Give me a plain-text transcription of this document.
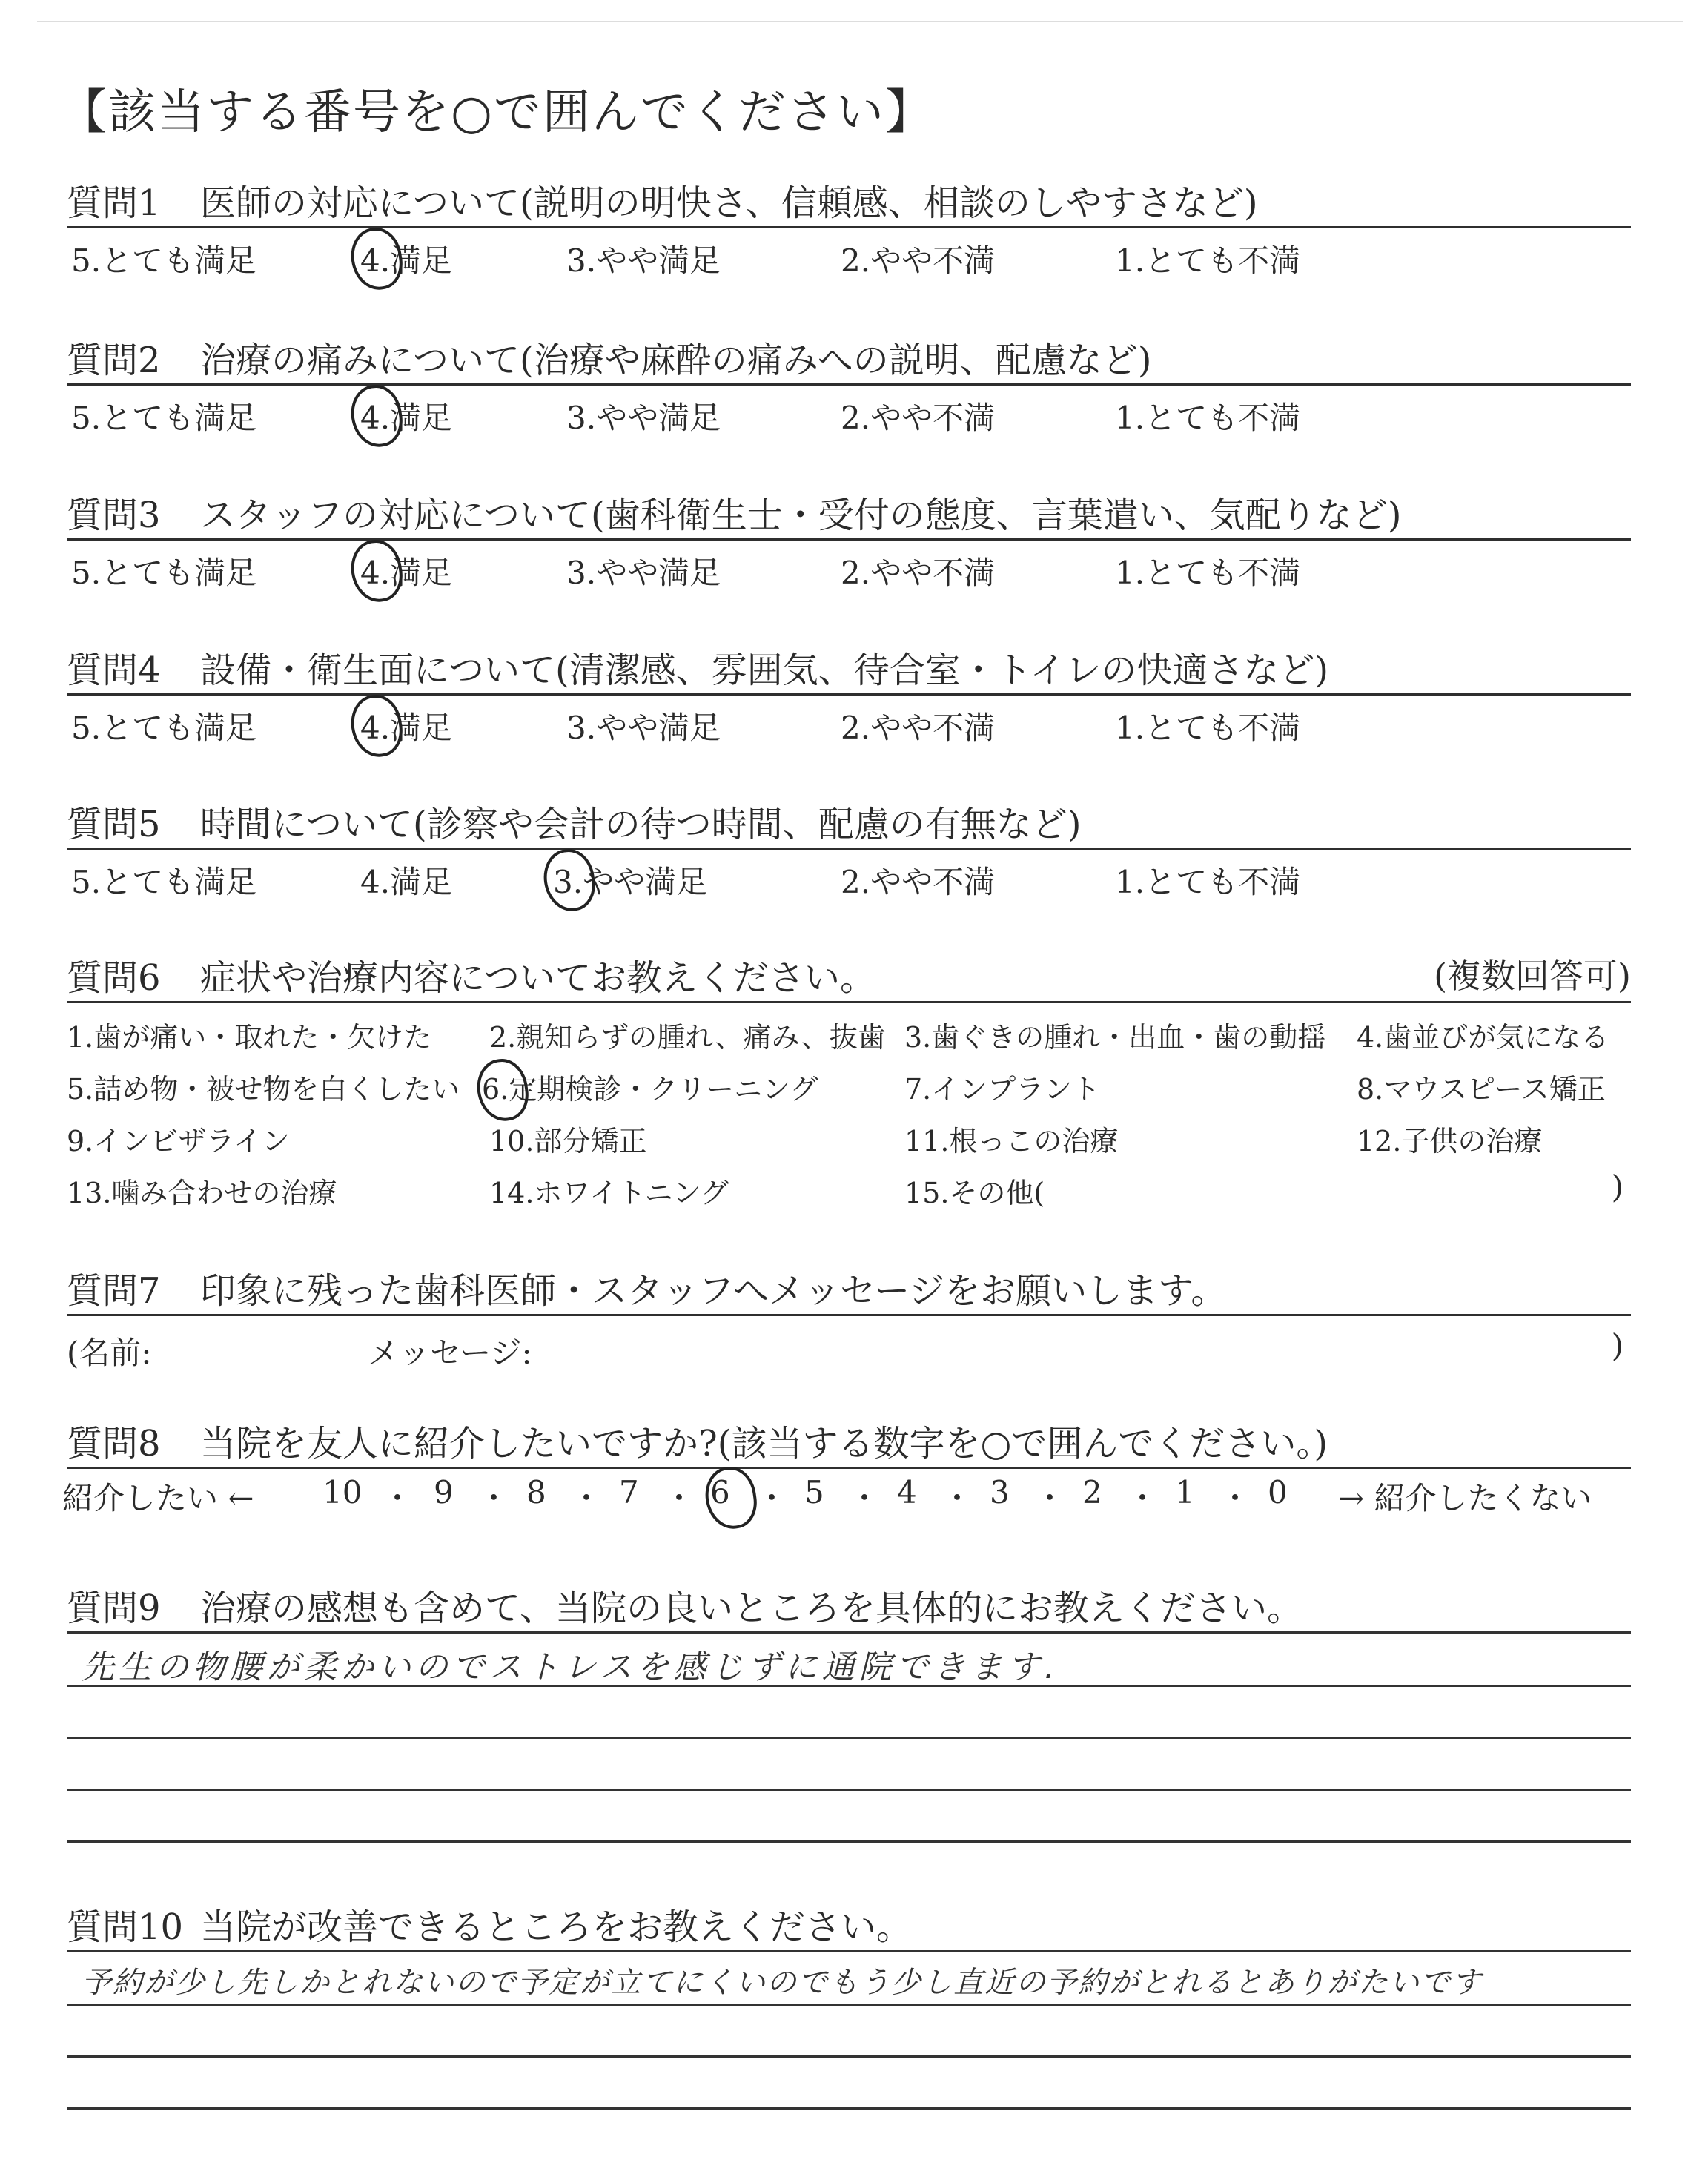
【該当する番号を○で囲んでください】
質問1 医師の対応について(説明の明快さ、信頼感、相談のしやすさなど)
5.とても満足	4.満足	3.やや満足	2.やや不満	1.とても不満
質問2 治療の痛みについて(治療や麻酔の痛みへの説明、配慮など)
5.とても満足	4.満足	3.やや満足	2.やや不満	1.とても不満
質問3 スタッフの対応について(歯科衛生士・受付の態度、言葉遣い、気配りなど)
5.とても満足	4.満足	3.やや満足	2.やや不満	1.とても不満
質問4 設備・衛生面について(清潔感、雰囲気、待合室・トイレの快適さなど)
5.とても満足	4.満足	3.やや満足	2.やや不満	1.とても不満
質問5 時間について(診察や会計の待つ時間、配慮の有無など)
5.とても満足	4.満足	3.やや満足	2.やや不満	1.とても不満
質問6 症状や治療内容についてお教えください。	(複数回答可)
1.歯が痛い・取れた・欠けた 2.親知らずの腫れ、痛み、抜歯 3.歯ぐきの腫れ・出血・歯の動揺 4.歯並びが気になる
5.詰め物・被せ物を白くしたい 6.定期検診・クリーニング	7.インプラント	8.マウスピース矯正
9.インビザライン	10.部分矯正	11.根っこの治療	12.子供の治療
13.噛み合わせの治療	14.ホワイトニング	15.その他(	)
質問7 印象に残った歯科医師・スタッフへメッセージをお願いします。
(名前:	メッセージ:	)
質問8 当院を友人に紹介したいですか?(該当する数字を○で囲んでください。)
紹介したい ← 10 ・ 9 ・ 8 ・ 7 ・ 6 ・ 5 ・ 4 ・ 3 ・ 2 ・ 1 ・ 0 → 紹介したくない
質問9 治療の感想も含めて、当院の良いところを具体的にお教えください。
先生の物腰が柔かいのでストレスを感じずに通院できます.
質問10 当院が改善できるところをお教えください。
予約が少し先しかとれないので予定が立てにくいのでもう少し直近の予約がとれるとありがたいです
